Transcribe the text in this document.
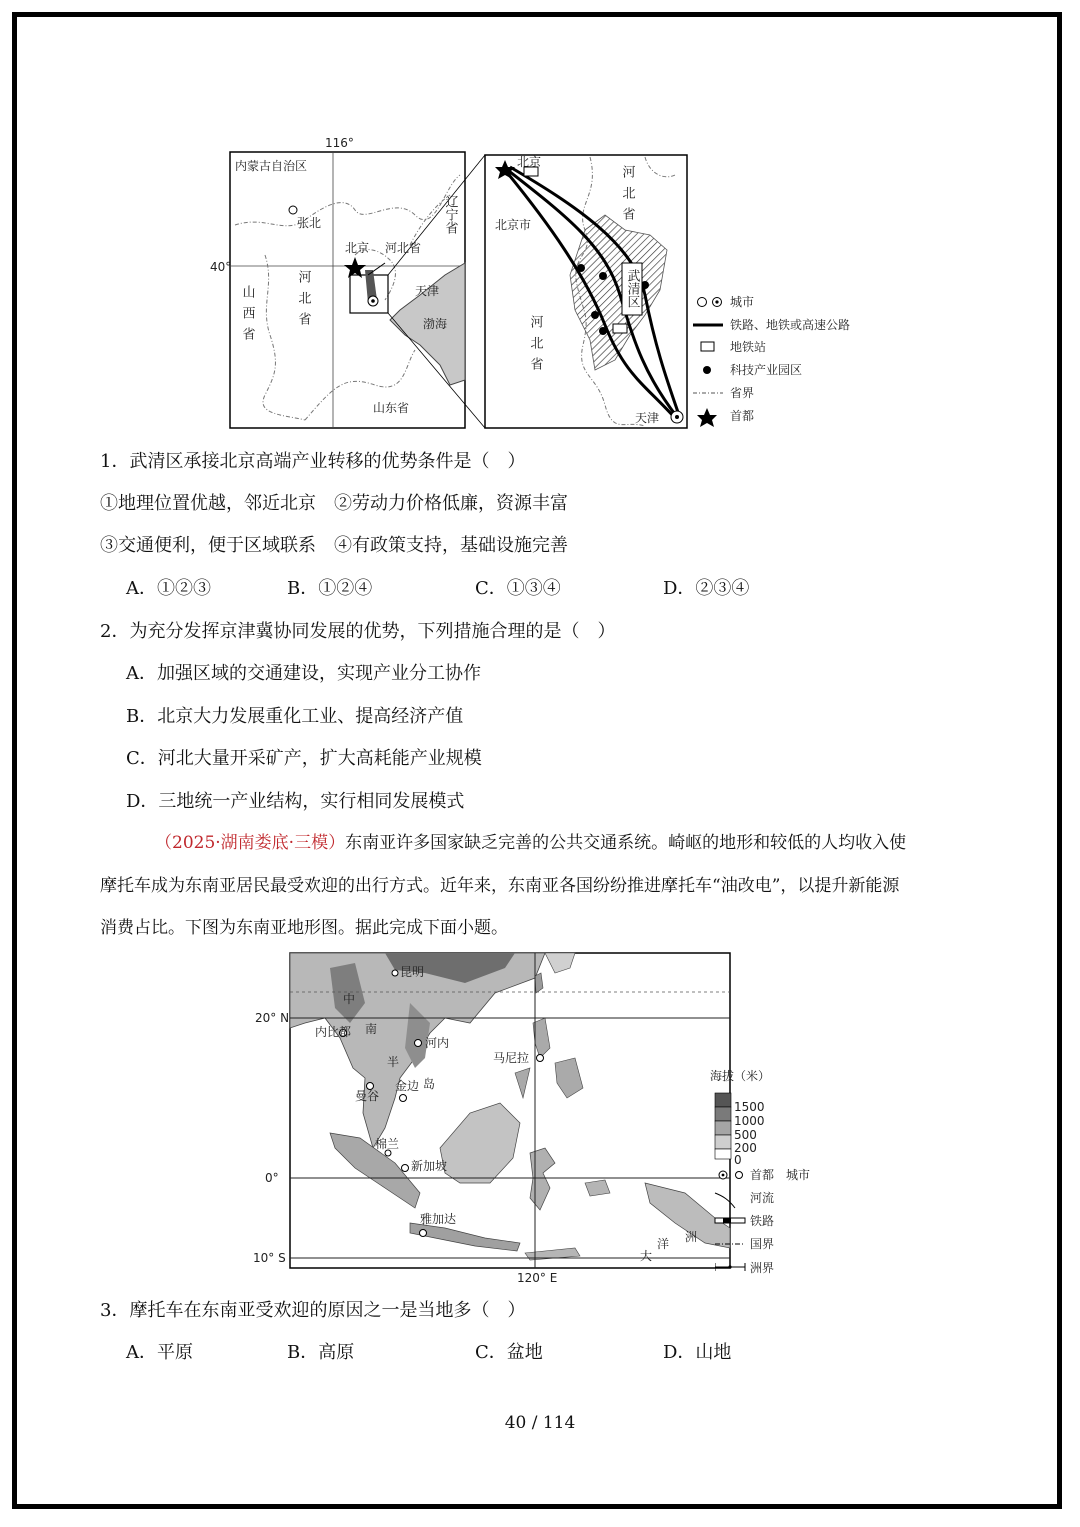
116°
40°
内蒙古自治区
张北
北京 河北省
天津
渤海
山东省
辽宁省
河北省
山西省	武清区
北京
北京市
天津
河北省
河北省
城市
铁路、地铁或高速公路
地铁站
科技产业园区
省界
首都
1．武清区承接北京高端产业转移的优势条件是（　）
①地理位置优越，邻近北京　②劳动力价格低廉，资源丰富
③交通便利，便于区域联系　④有政策支持，基础设施完善
A．①②③	B．①②④	C．①③④	D．②③④
2．为充分发挥京津冀协同发展的优势，下列措施合理的是（　）
A．加强区域的交通建设，实现产业分工协作
B．北京大力发展重化工业、提高经济产值
C．河北大量开采矿产，扩大高耗能产业规模
D．三地统一产业结构，实行相同发展模式
（2025·湖南娄底·三模）东南亚许多国家缺乏完善的公共交通系统。崎岖的地形和较低的人均收入使
摩托车成为东南亚居民最受欢迎的出行方式。近年来，东南亚各国纷纷推进摩托车“油改电”，以提升新能源
消费占比。下图为东南亚地形图。据此完成下面小题。
20° N
0°
10° S
120° E
昆明
中
南
内比都
河内
半
岛
曼谷
金边
马尼拉
棉兰
新加坡
雅加达
洋 洲
大
海拔（米）
1500
1000
500
200
0
首都　城市
河流
铁路
国界
洲界
3．摩托车在东南亚受欢迎的原因之一是当地多（　）
A．平原	B．高原	C．盆地	D．山地
40 / 114
